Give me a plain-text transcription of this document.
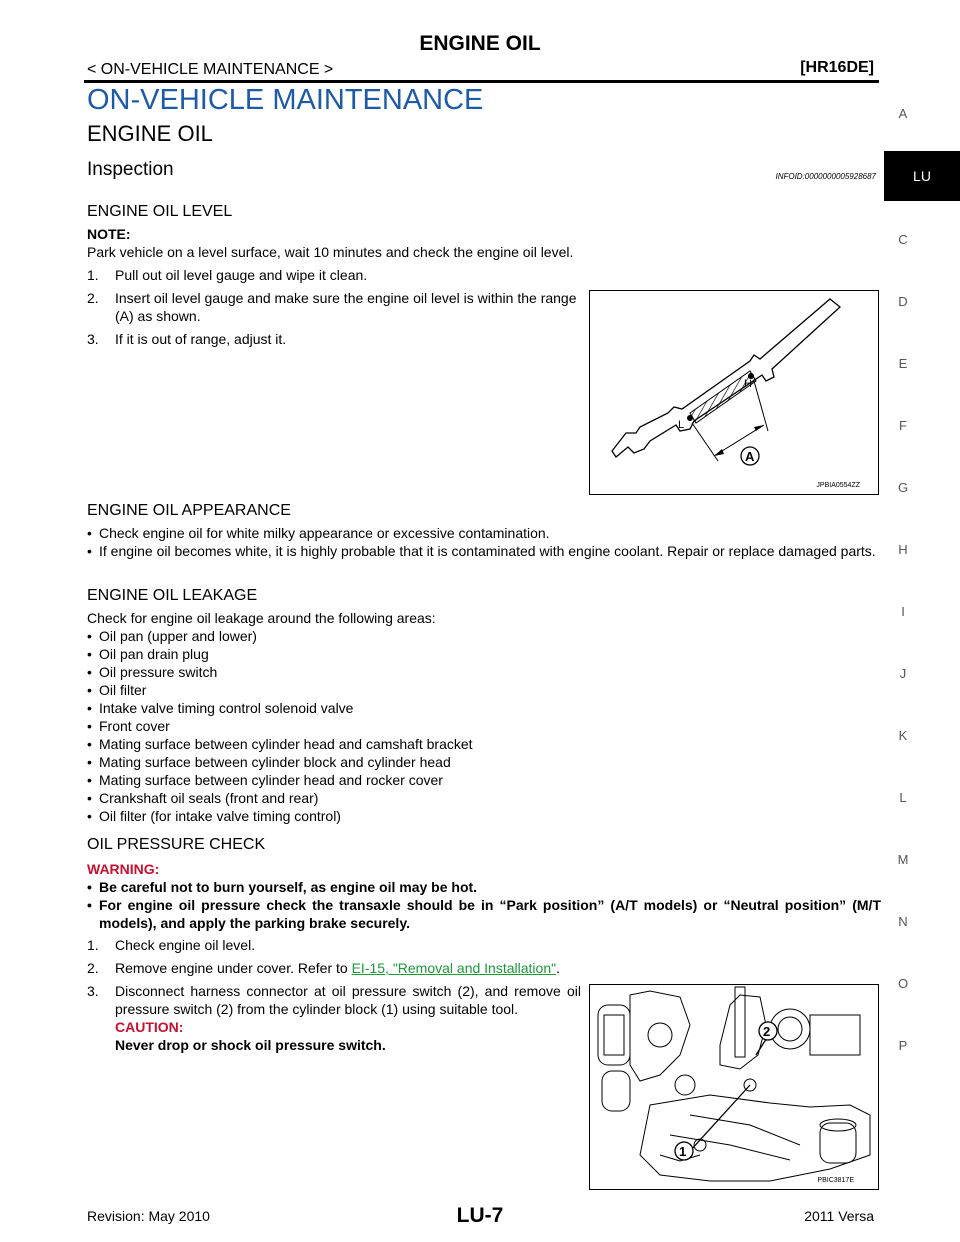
ENGINE OIL
< ON-VEHICLE MAINTENANCE >	[HR16DE]
ON-VEHICLE MAINTENANCE
ENGINE OIL
Inspection	INFOID:0000000005928687
ENGINE OIL LEVEL
NOTE:
Park vehicle on a level surface, wait 10 minutes and check the engine oil level.
1. Pull out oil level gauge and wipe it clean.
2. Insert oil level gauge and make sure the engine oil level is within the range (A) as shown.
3. If it is out of range, adjust it.
L
H
A
JPBIA0554ZZ
ENGINE OIL APPEARANCE
• Check engine oil for white milky appearance or excessive contamination.
• If engine oil becomes white, it is highly probable that it is contaminated with engine coolant. Repair or replace damaged parts.
ENGINE OIL LEAKAGE
Check for engine oil leakage around the following areas:
• Oil pan (upper and lower)
• Oil pan drain plug
• Oil pressure switch
• Oil filter
• Intake valve timing control solenoid valve
• Front cover
• Mating surface between cylinder head and camshaft bracket
• Mating surface between cylinder block and cylinder head
• Mating surface between cylinder head and rocker cover
• Crankshaft oil seals (front and rear)
• Oil filter (for intake valve timing control)
OIL PRESSURE CHECK
WARNING:
• Be careful not to burn yourself, as engine oil may be hot.
• For engine oil pressure check the transaxle should be in “Park position” (A/T models) or “Neutral position” (M/T models), and apply the parking brake securely.
1. Check engine oil level.
2. Remove engine under cover. Refer to EI-15, "Removal and Installation".
3. Disconnect harness connector at oil pressure switch (2), and remove oil pressure switch (2) from the cylinder block (1) using suitable tool.
CAUTION:
Never drop or shock oil pressure switch.
1
2
PBIC3817E
A
LU
C
D
E
F
G
H
I
J
K
L
M
N
O
P
Revision: May 2010	LU-7	2011 Versa
